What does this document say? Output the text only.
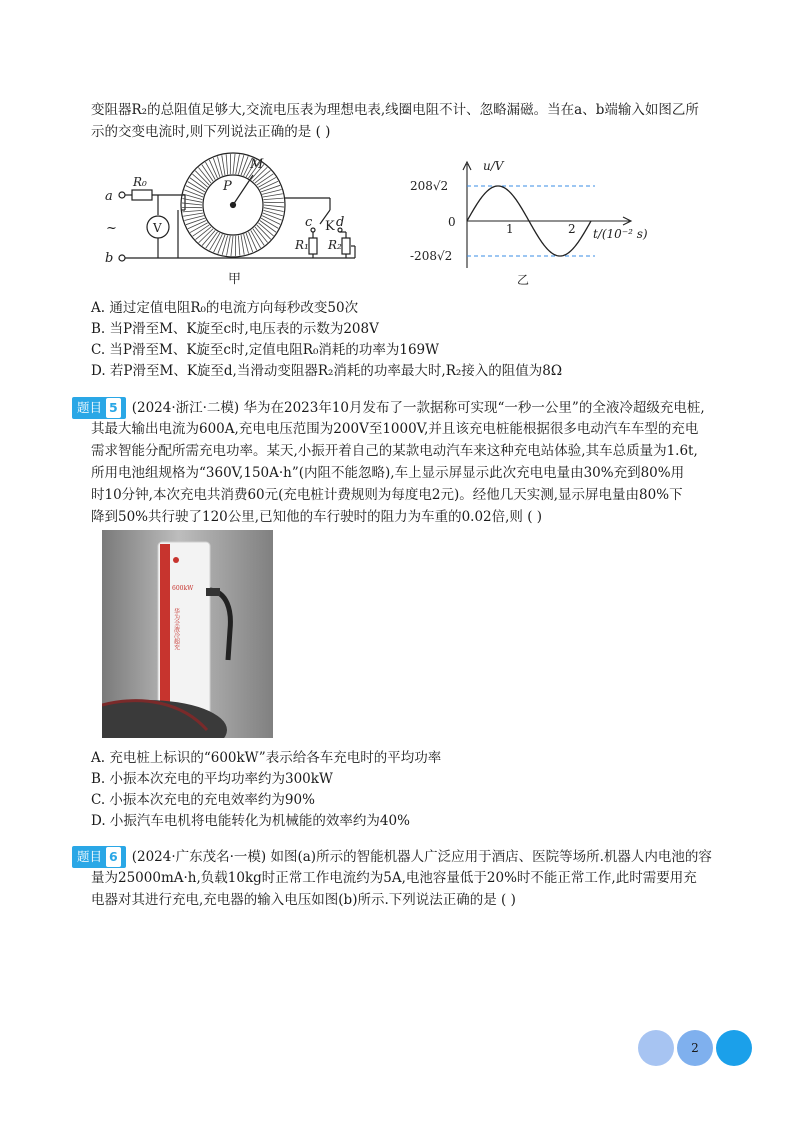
变阻器R₂的总阻值足够大,交流电压表为理想电表,线圈电阻不计、忽略漏磁。当在a、b端输入如图乙所
示的交变电流时,则下列说法正确的是 ( )
a
b
~
R₀
V
P
M
c K d
R₁ R₂
甲
u/V
208√2
0
-208√2
1	2 t/(10⁻² s)
乙
A. 通过定值电阻R₀的电流方向每秒改变50次
B. 当P滑至M、K旋至c时,电压表的示数为208V
C. 当P滑至M、K旋至c时,定值电阻R₀消耗的功率为169W
D. 若P滑至M、K旋至d,当滑动变阻器R₂消耗的功率最大时,R₂接入的阻值为8Ω
题目 5 (2024·浙江·二模) 华为在2023年10月发布了一款据称可实现“一秒一公里”的全液冷超级充电桩,
其最大输出电流为600A,充电电压范围为200V至1000V,并且该充电桩能根据很多电动汽车车型的充电
需求智能分配所需充电功率。某天,小振开着自己的某款电动汽车来这种充电站体验,其车总质量为1.6t,
所用电池组规格为“360V,150A·h”(内阻不能忽略),车上显示屏显示此次充电电量由30%充到80%用
时10分钟,本次充电共消费60元(充电桩计费规则为每度电2元)。经他几天实测,显示屏电量由80%下
降到50%共行驶了120公里,已知他的车行驶时的阻力为车重的0.02倍,则 ( )
600kW
华为全液冷超充
A. 充电桩上标识的“600kW”表示给各车充电时的平均功率
B. 小振本次充电的平均功率约为300kW
C. 小振本次充电的充电效率约为90%
D. 小振汽车电机将电能转化为机械能的效率约为40%
题目 6 (2024·广东茂名·一模) 如图(a)所示的智能机器人广泛应用于酒店、医院等场所.机器人内电池的容
量为25000mA·h,负载10kg时正常工作电流约为5A,电池容量低于20%时不能正常工作,此时需要用充
电器对其进行充电,充电器的输入电压如图(b)所示.下列说法正确的是 ( )
2
